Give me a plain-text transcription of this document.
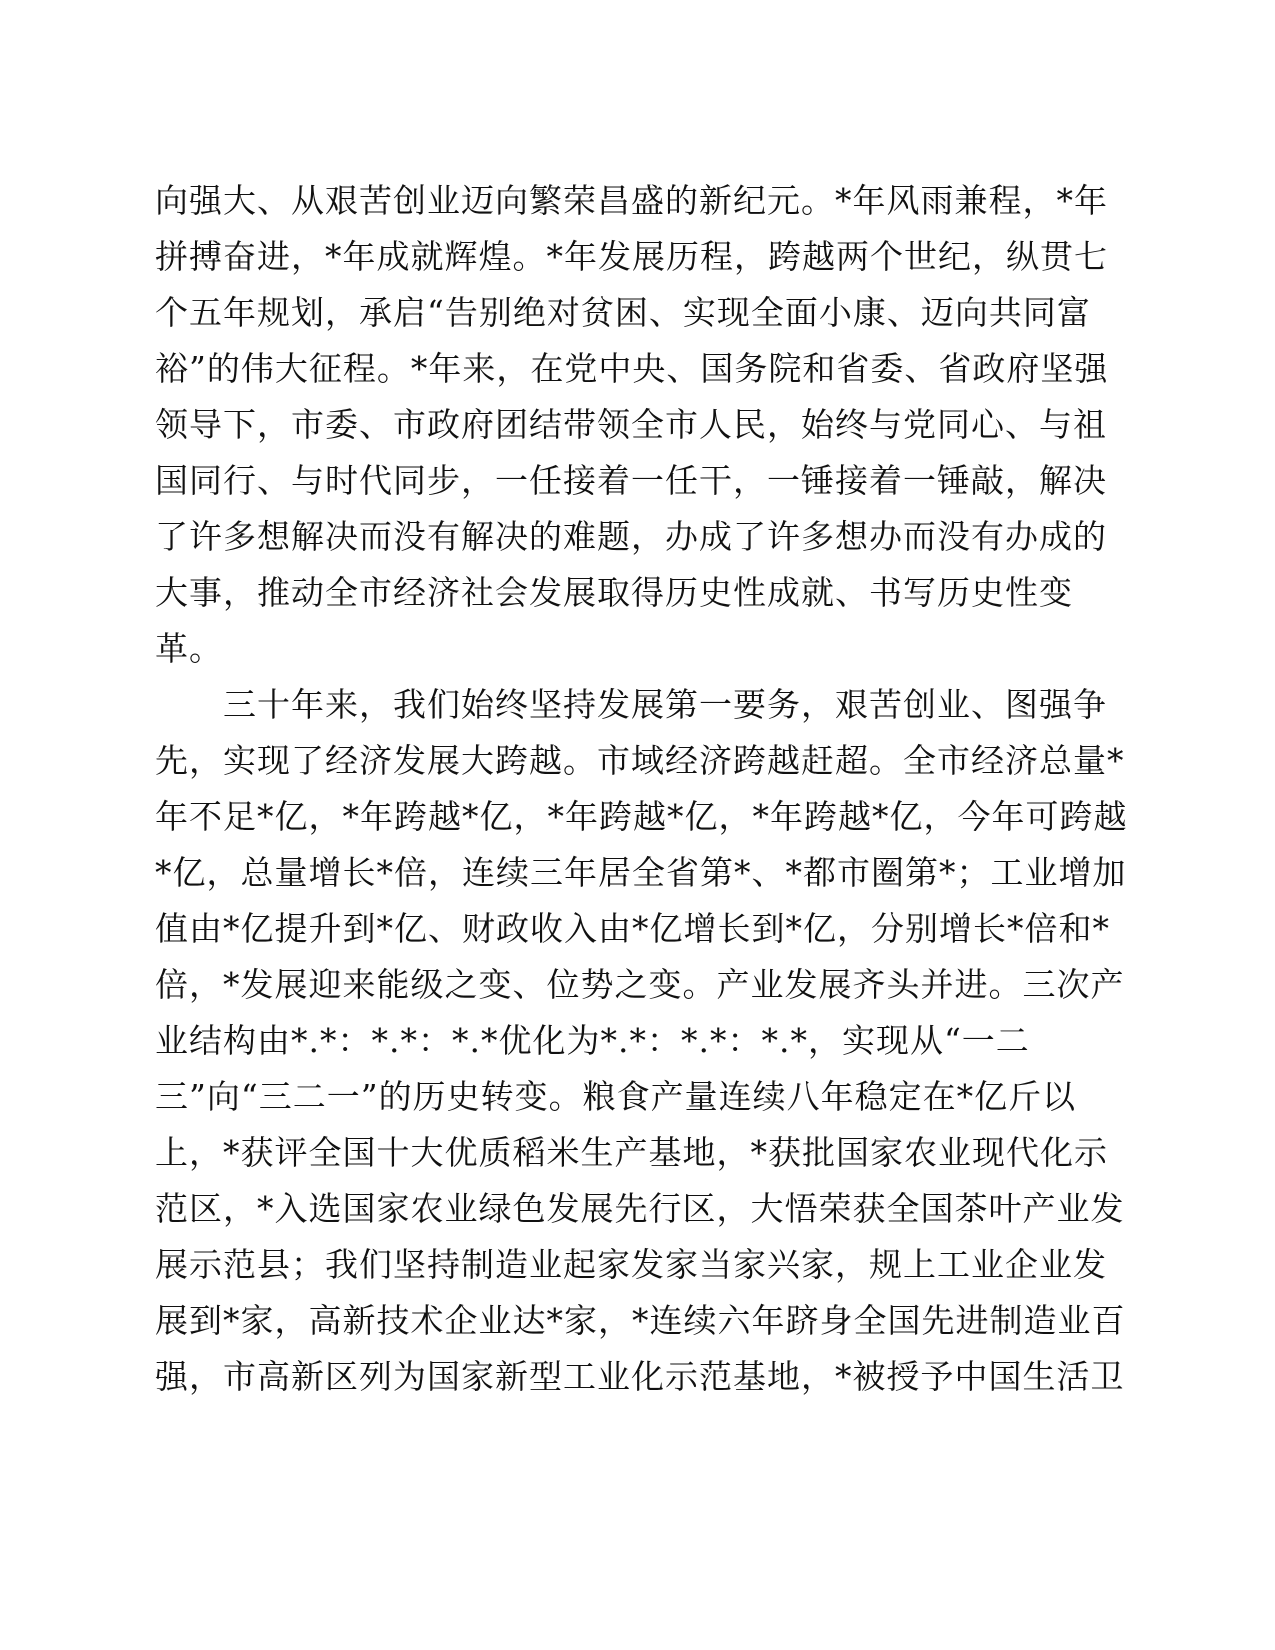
向强大、从艰苦创业迈向繁荣昌盛的新纪元。*年风雨兼程，*年
拼搏奋进，*年成就辉煌。*年发展历程，跨越两个世纪，纵贯七
个五年规划，承启“告别绝对贫困、实现全面小康、迈向共同富
裕”的伟大征程。*年来，在党中央、国务院和省委、省政府坚强
领导下，市委、市政府团结带领全市人民，始终与党同心、与祖
国同行、与时代同步，一任接着一任干，一锤接着一锤敲，解决
了许多想解决而没有解决的难题，办成了许多想办而没有办成的
大事，推动全市经济社会发展取得历史性成就、书写历史性变
革。
　　三十年来，我们始终坚持发展第一要务，艰苦创业、图强争
先，实现了经济发展大跨越。市域经济跨越赶超。全市经济总量*
年不足*亿，*年跨越*亿，*年跨越*亿，*年跨越*亿，今年可跨越
*亿，总量增长*倍，连续三年居全省第*、*都市圈第*；工业增加
值由*亿提升到*亿、财政收入由*亿增长到*亿，分别增长*倍和*
倍，*发展迎来能级之变、位势之变。产业发展齐头并进。三次产
业结构由*.*：*.*：*.*优化为*.*：*.*：*.*，实现从“一二
三”向“三二一”的历史转变。粮食产量连续八年稳定在*亿斤以
上，*获评全国十大优质稻米生产基地，*获批国家农业现代化示
范区，*入选国家农业绿色发展先行区，大悟荣获全国茶叶产业发
展示范县；我们坚持制造业起家发家当家兴家，规上工业企业发
展到*家，高新技术企业达*家，*连续六年跻身全国先进制造业百
强，市高新区列为国家新型工业化示范基地，*被授予中国生活卫
